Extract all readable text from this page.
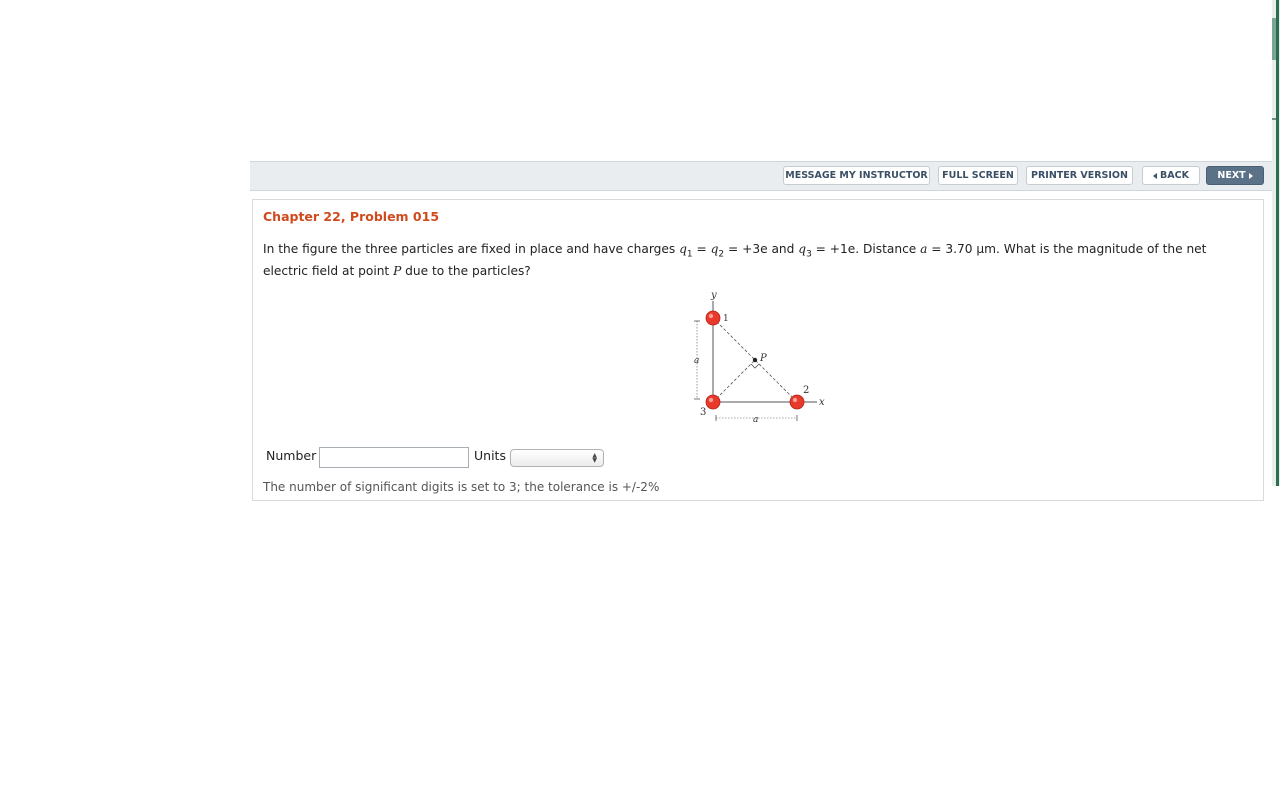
MESSAGE MY INSTRUCTOR FULL SCREEN PRINTER VERSION	BACK	NEXT
Chapter 22, Problem 015
In the figure the three particles are fixed in place and have charges $q_1 = q_2 = +3e$ and $q_3 = +1e$. Distance a = 3.70 μm. What is the magnitude of the net electric field at point P due to the particles?
y
x
P
1
2
3
a
a
Number	Units	▲
▼
The number of significant digits is set to 3; the tolerance is +/-2%
